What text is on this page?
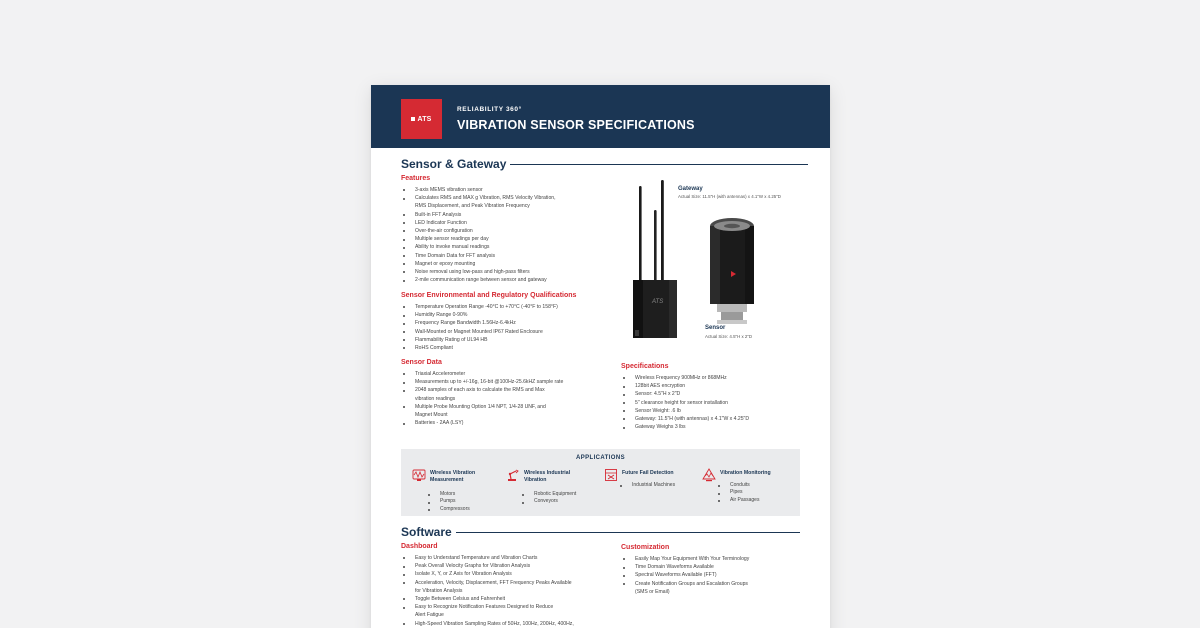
ATS
RELIABILITY 360°
VIBRATION SENSOR SPECIFICATIONS
Sensor & Gateway
Features
3-axis MEMS vibration sensor
Calculates RMS and MAX g Vibration, RMS Velocity Vibration,
RMS Displacement, and Peak Vibration Frequency
Built-in FFT Analysis
LED Indicator Function
Over-the-air configuration
Multiple sensor readings per day
Ability to invoke manual readings
Time Domain Data for FFT analysis
Magnet or epoxy mounting
Noise removal using low-pass and high-pass filters
2-mile communication range between sensor and gateway
Sensor Environmental and Regulatory Qualifications
Temperature Operation Range -40°C to +70°C (-40°F to 158°F)
Humidity Range 0-90%
Frequency Range Bandwidth 1.56Hz-6.4kHz
Wall-Mounted or Magnet Mounted IP67 Rated Enclosure
Flammability Rating of UL94 HB
RoHS Compliant
Sensor Data
Triaxial Accelerometer
Measurements up to +/-16g, 16-bit @100Hz-25.6kHZ sample rate
2048 samples of each axis to calculate the RMS and Max
vibration readings
Multiple Probe Mounting Option 1/4 NPT, 1/4-28 UNF, and
Magnet Mount
Batteries - 2AA (LSY)
ATS
Gateway
Actual Size: 11.5"H (with antennas) x 4.1"W x 4.25"D
Sensor
Actual Size: 4.5"H x 2"D
Specifications
Wireless Frequency 900MHz or 868MHz
128bit AES encryption
Sensor: 4.5"H x 2"D
5" clearance height for sensor installation
Sensor Weight: .6 lb
Gateway: 11.5"H (with antennas) x 4.1"W x 4.25"D
Gateway Weighs 3 lbs
APPLICATIONS
Wireless Vibration
Measurement
Motors
Pumps
Compressors
Wireless Industrial
Vibration
Robotic Equipment
Conveyors
Future Fail Detection
Industrial Machines
Vibration Monitoring
Conduits
Pipes
Air Passages
Software
Dashboard
Easy to Understand Temperature and Vibration Charts
Peak Overall Velocity Graphs for Vibration Analysis
Isolate X, Y, or Z Axis for Vibration Analysis
Acceleration, Velocity, Displacement, FFT Frequency Peaks Available
for Vibration Analysis
Toggle Between Celsius and Fahrenheit
Easy to Recognize Notification Features Designed to Reduce
Alert Fatigue
High-Speed Vibration Sampling Rates of 50Hz, 100Hz, 200Hz, 400Hz,
Customization
Easily Map Your Equipment With Your Terminology
Time Domain Waveforms Available
Spectral Waveforms Available (FFT)
Create Notification Groups and Escalation Groups
(SMS or Email)
